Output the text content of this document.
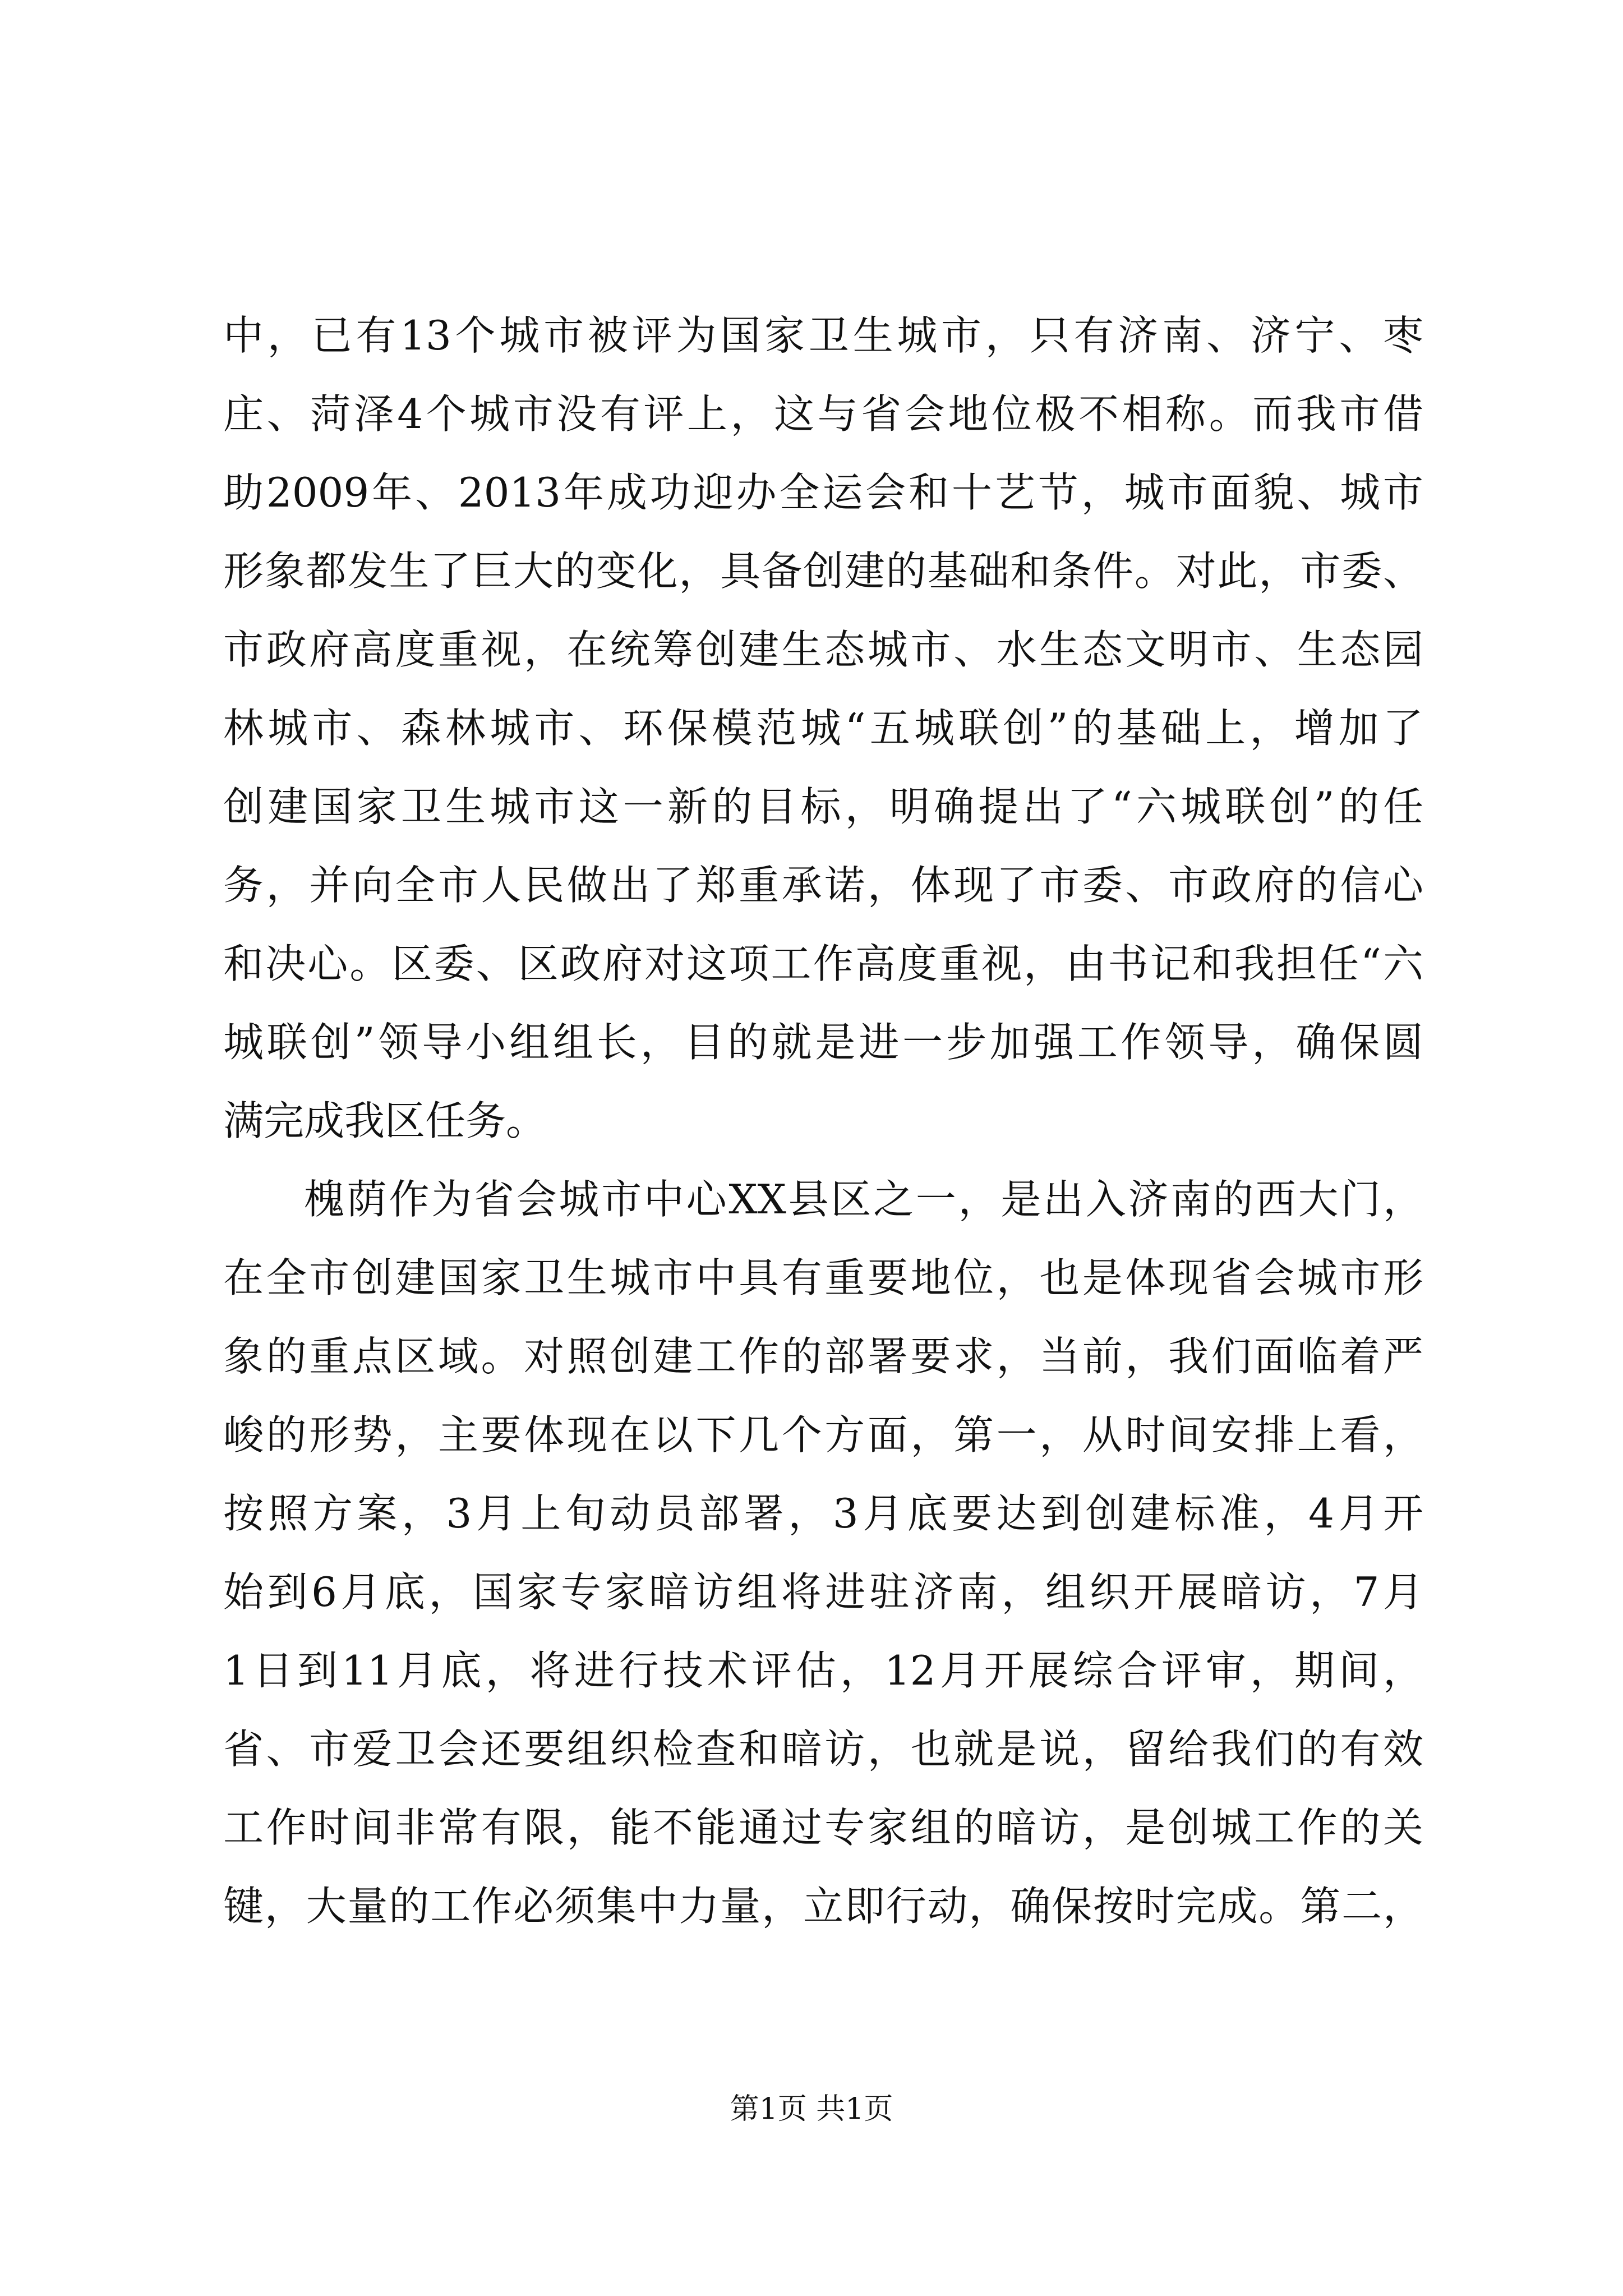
中，已有13个城市被评为国家卫生城市，只有济南、济宁、枣
庄、菏泽4个城市没有评上，这与省会地位极不相称。而我市借
助2009年、2013年成功迎办全运会和十艺节，城市面貌、城市
形象都发生了巨大的变化，具备创建的基础和条件。对此，市委、
市政府高度重视，在统筹创建生态城市、水生态文明市、生态园
林城市、森林城市、环保模范城“五城联创”的基础上，增加了
创建国家卫生城市这一新的目标，明确提出了“六城联创”的任
务，并向全市人民做出了郑重承诺，体现了市委、市政府的信心
和决心。区委、区政府对这项工作高度重视，由书记和我担任“六
城联创”领导小组组长，目的就是进一步加强工作领导，确保圆
满完成我区任务。
槐荫作为省会城市中心XX县区之一，是出入济南的西大门，
在全市创建国家卫生城市中具有重要地位，也是体现省会城市形
象的重点区域。对照创建工作的部署要求，当前，我们面临着严
峻的形势，主要体现在以下几个方面，第一，从时间安排上看，
按照方案，3月上旬动员部署，3月底要达到创建标准，4月开
始到6月底，国家专家暗访组将进驻济南，组织开展暗访，7月
1日到11月底，将进行技术评估，12月开展综合评审，期间，
省、市爱卫会还要组织检查和暗访，也就是说，留给我们的有效
工作时间非常有限，能不能通过专家组的暗访，是创城工作的关
键，大量的工作必须集中力量，立即行动，确保按时完成。第二，
第1页 共1页
